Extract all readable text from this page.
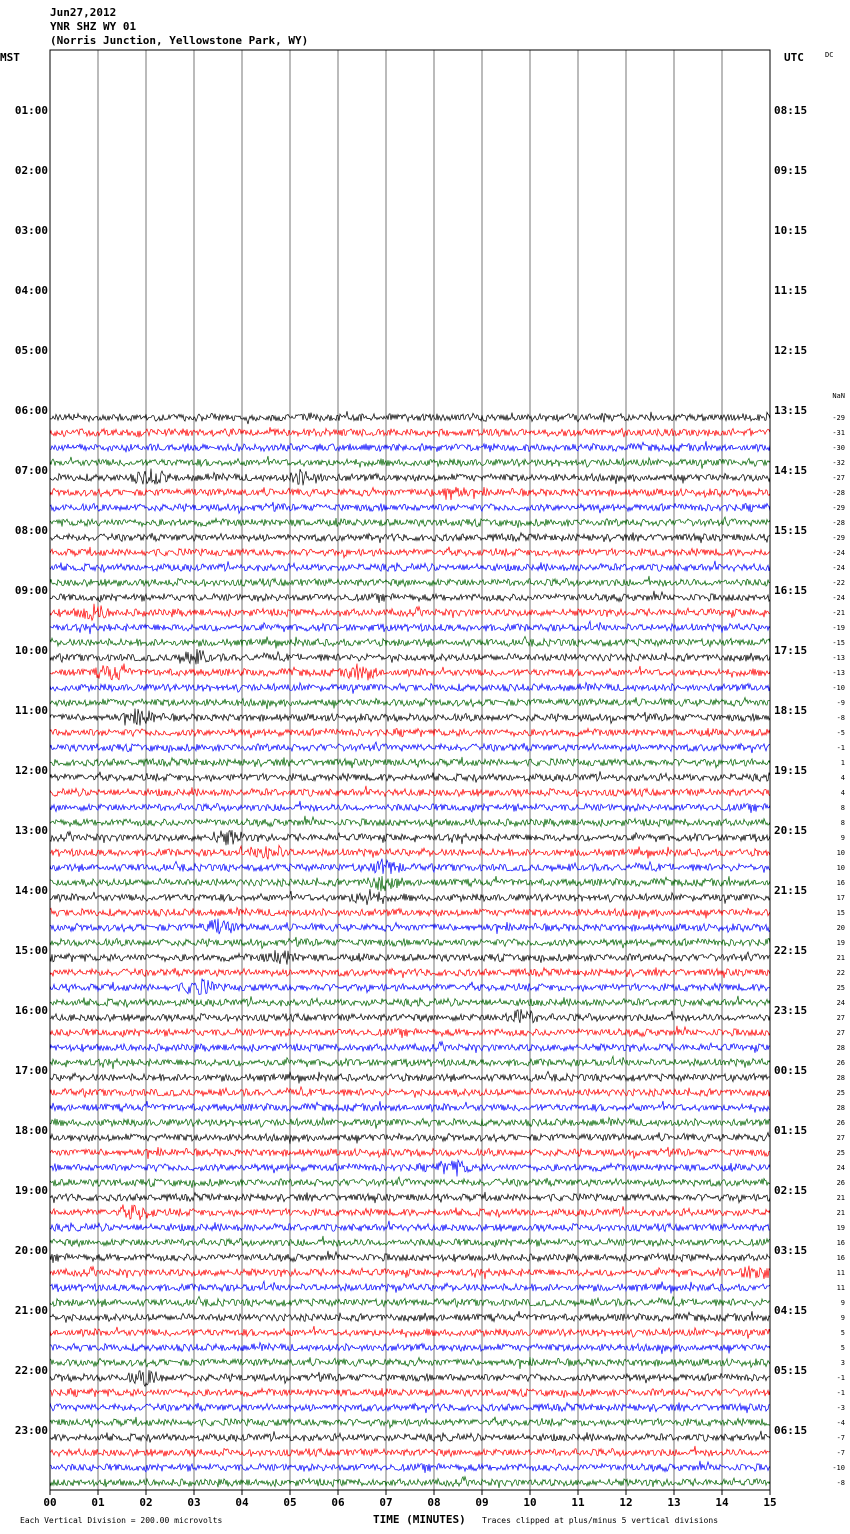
Jun27,2012
YNR SHZ WY 01
(Norris Junction, Yellowstone Park, WY)
MST	UTC	DC
01:00
02:00
03:00
04:00
05:00
06:00
07:00
08:00
09:00
10:00
11:00
12:00
13:00
14:00
15:00
16:00
17:00
18:00
19:00
20:00
21:00
22:00
23:00
08:15
09:15
10:15
11:15
12:15
13:15
14:15
15:15
16:15
17:15
18:15
19:15
20:15
21:15
22:15
23:15
00:15
01:15
02:15
03:15
04:15
05:15
06:15
NaN
-29
-31
-30
-32
-27
-28
-29
-28
-29
-24
-24
-22
-24
-21
-19
-15
-13
-13
-10
-9
-8
-5
-1
1
4
4
8
8
9
10
10
16
17
15
20
19
21
22
25
24
27
27
28
26
28
25
28
26
27
25
24
26
21
21
19
16
16
11
11
9
9
5
5
3
-1
-1
-3
-4
-7
-7
-10
-8
00	01	02	03	04	05	06	07	08	09	10	11	12	13	14	15
TIME (MINUTES)
Each Vertical Division = 200.00 microvolts	Traces clipped at plus/minus 5 vertical divisions
